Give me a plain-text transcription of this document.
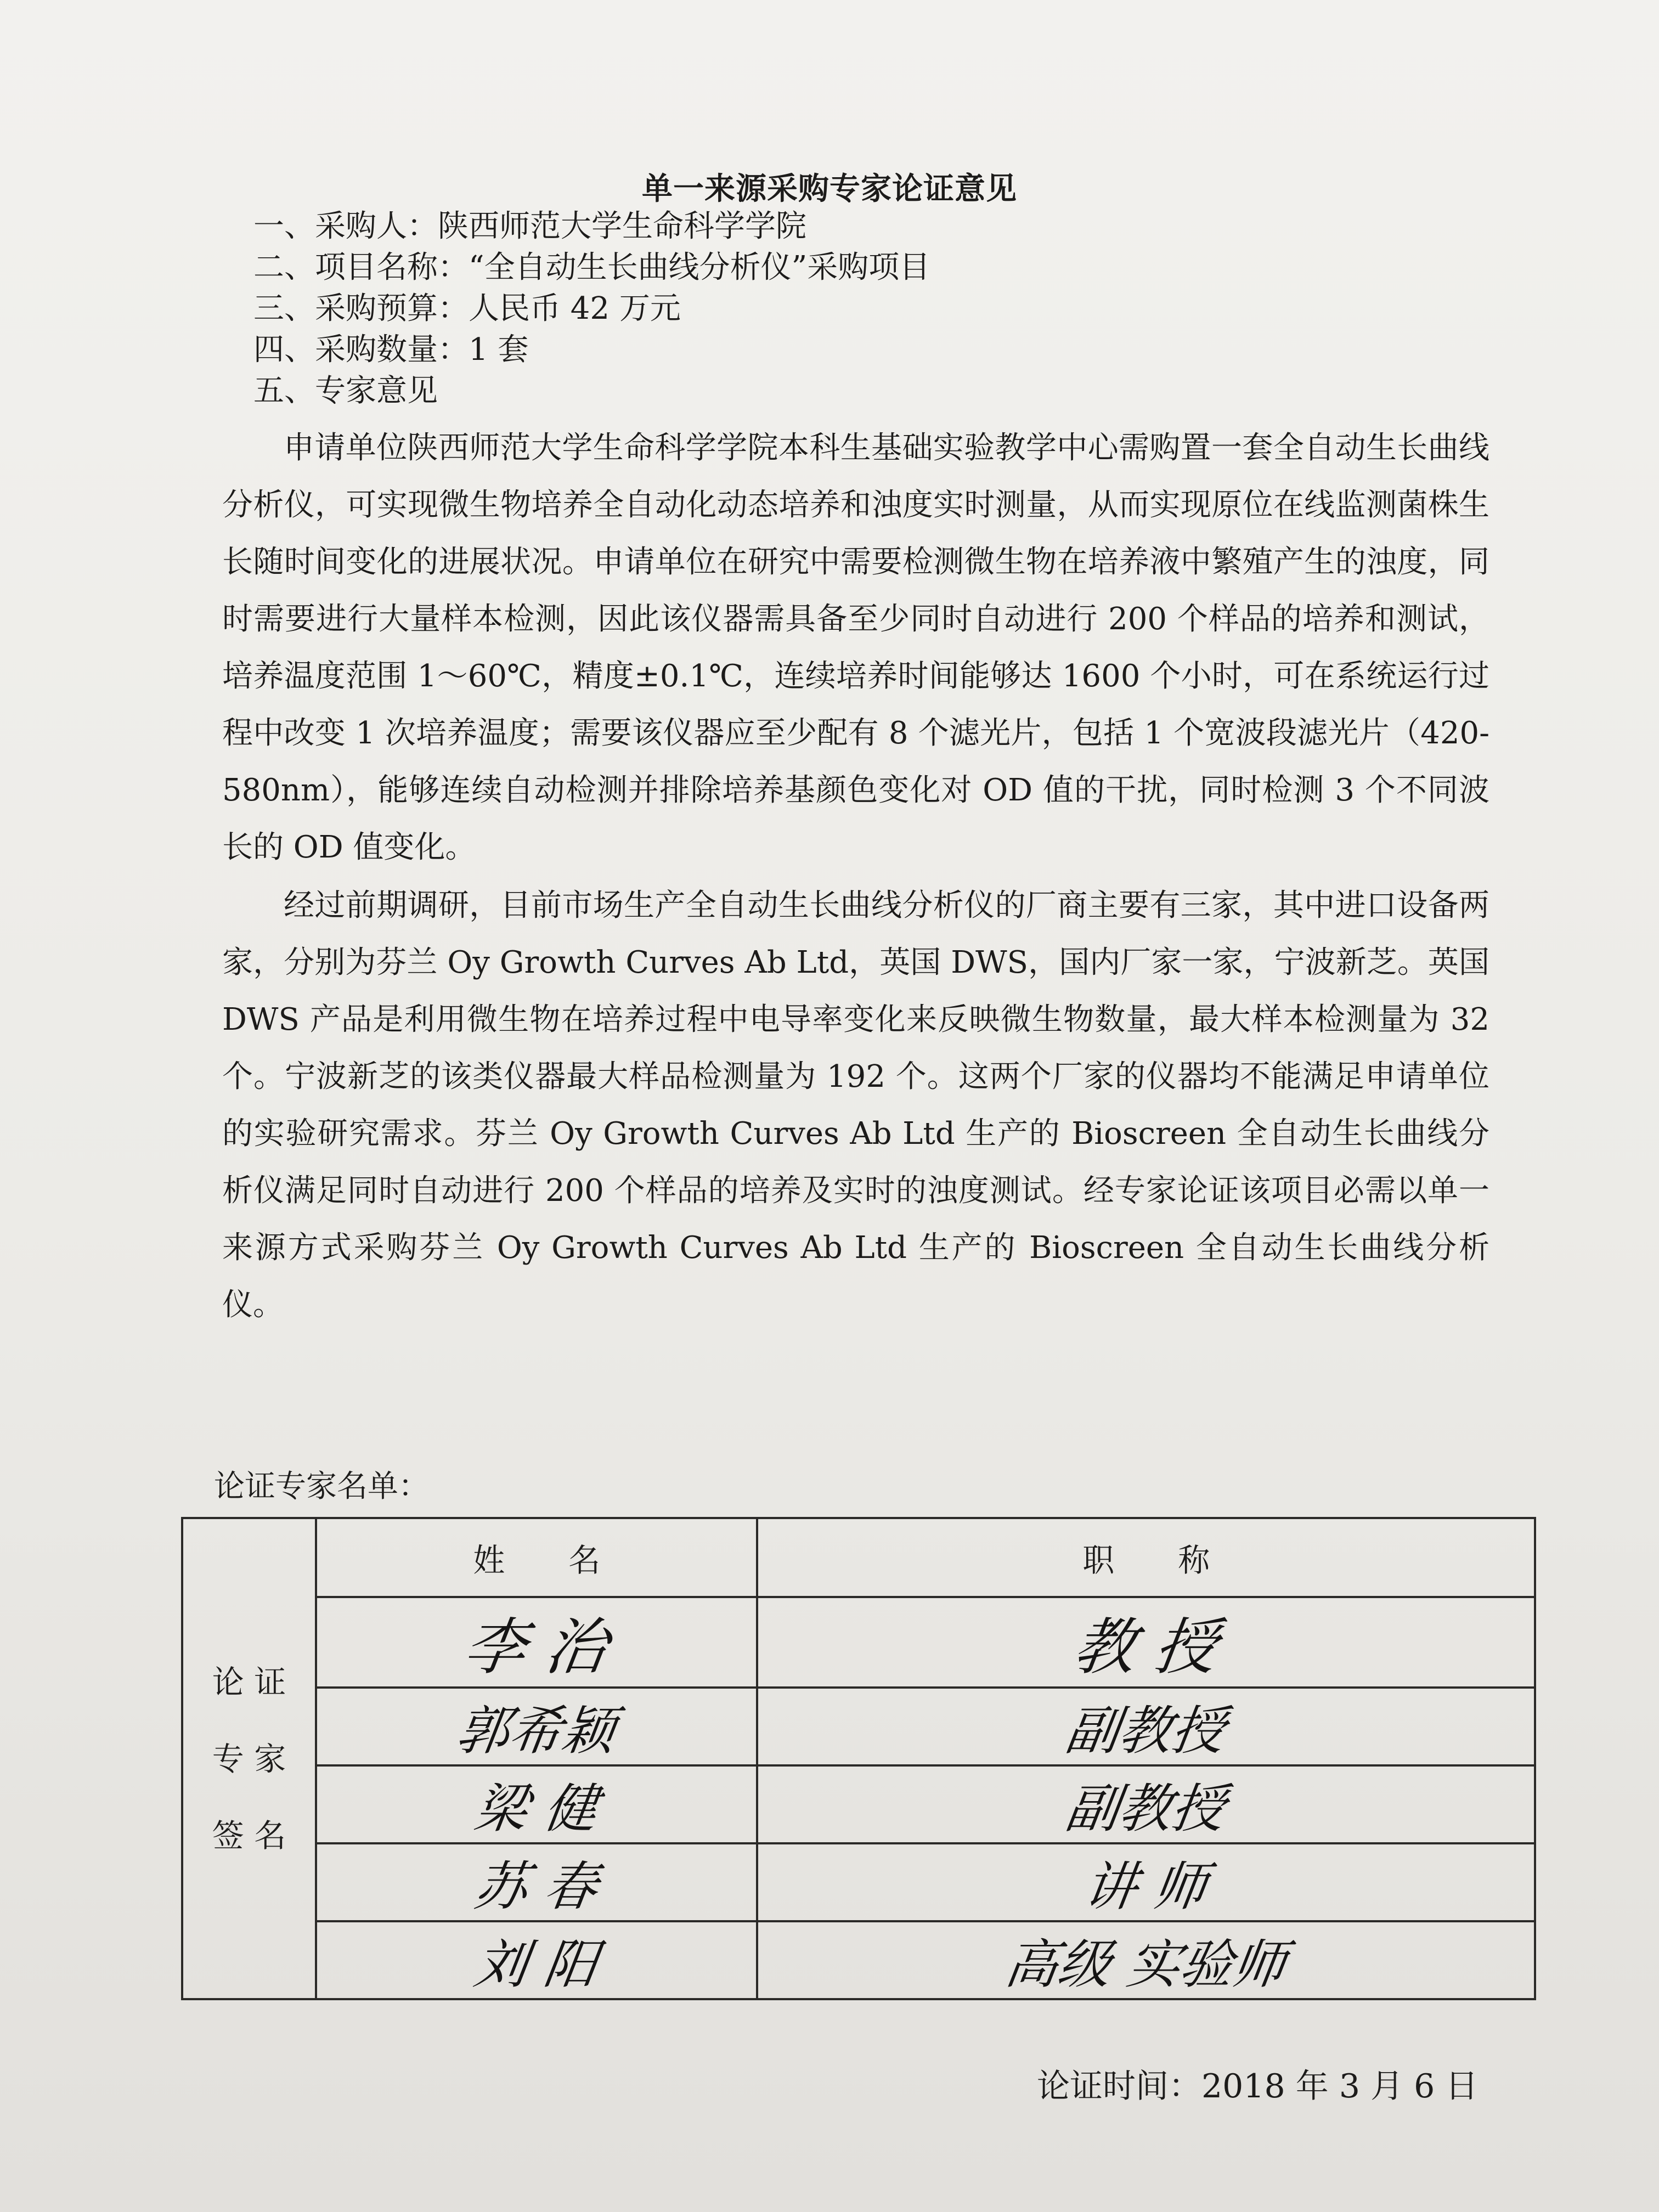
单一来源采购专家论证意见
一、采购人：陕西师范大学生命科学学院
二、项目名称：“全自动生长曲线分析仪”采购项目
三、采购预算：人民币 42 万元
四、采购数量：1 套
五、专家意见

申请单位陕西师范大学生命科学学院本科生基础实验教学中心需购置一套全自动生长曲线分析仪，可实现微生物培养全自动化动态培养和浊度实时测量，从而实现原位在线监测菌株生长随时间变化的进展状况。申请单位在研究中需要检测微生物在培养液中繁殖产生的浊度，同时需要进行大量样本检测，因此该仪器需具备至少同时自动进行 200 个样品的培养和测试，培养温度范围 1～60℃，精度±0.1℃，连续培养时间能够达 1600 个小时，可在系统运行过程中改变 1 次培养温度；需要该仪器应至少配有 8 个滤光片，包括 1 个宽波段滤光片（420-580nm），能够连续自动检测并排除培养基颜色变化对 OD 值的干扰，同时检测 3 个不同波长的 OD 值变化。

经过前期调研，目前市场生产全自动生长曲线分析仪的厂商主要有三家，其中进口设备两家，分别为芬兰 Oy Growth Curves Ab Ltd，英国 DWS，国内厂家一家，宁波新芝。英国 DWS 产品是利用微生物在培养过程中电导率变化来反映微生物数量，最大样本检测量为 32 个。宁波新芝的该类仪器最大样品检测量为 192 个。这两个厂家的仪器均不能满足申请单位的实验研究需求。芬兰 Oy Growth Curves Ab Ltd 生产的 Bioscreen 全自动生长曲线分析仪满足同时自动进行 200 个样品的培养及实时的浊度测试。经专家论证该项目必需以单一来源方式采购芬兰 Oy Growth Curves Ab Ltd 生产的 Bioscreen 全自动生长曲线分析仪。

论证专家名单：
论 证
专 家
签 名	姓　　名	职　　称
	李 治	教 授
	郭希颖	副教授
	梁 健	副教授
	苏 春	讲 师
	刘 阳	高级 实验师
论证时间：2018 年 3 月 6 日
